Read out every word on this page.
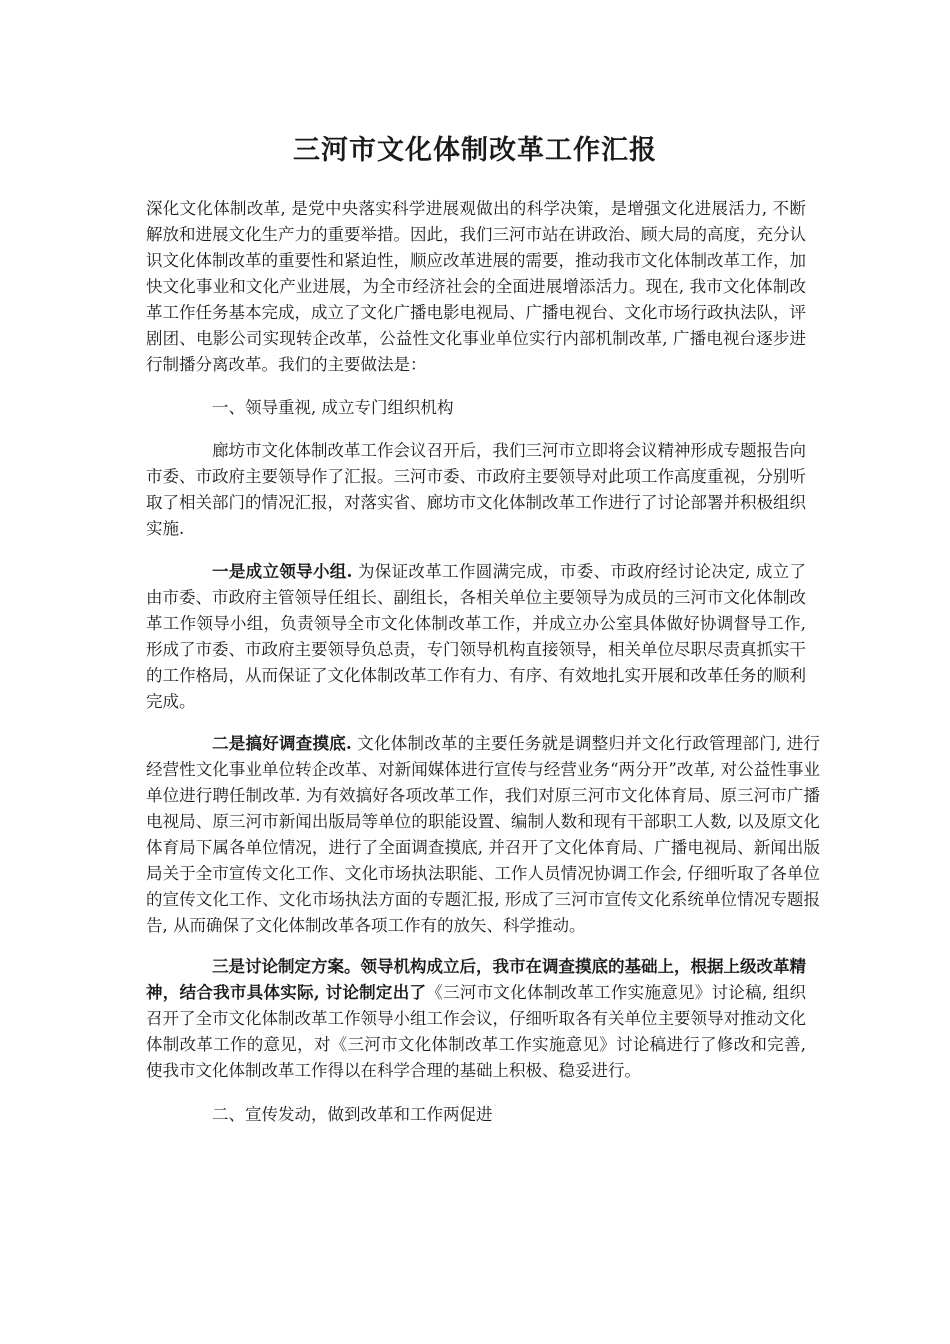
三河市文化体制改革工作汇报

深化文化体制改革, 是党中央落实科学进展观做出的科学决策，是增强文化进展活力, 不断解放和进展文化生产力的重要举措。因此，我们三河市站在讲政治、顾大局的高度，充分认识文化体制改革的重要性和紧迫性，顺应改革进展的需要，推动我市文化体制改革工作，加快文化事业和文化产业进展，为全市经济社会的全面进展增添活力。现在, 我市文化体制改革工作任务基本完成，成立了文化广播电影电视局、广播电视台、文化市场行政执法队，评剧团、电影公司实现转企改革，公益性文化事业单位实行内部机制改革, 广播电视台逐步进行制播分离改革。我们的主要做法是：

一、领导重视, 成立专门组织机构

廊坊市文化体制改革工作会议召开后，我们三河市立即将会议精神形成专题报告向市委、市政府主要领导作了汇报。三河市委、市政府主要领导对此项工作高度重视，分别听取了相关部门的情况汇报，对落实省、廊坊市文化体制改革工作进行了讨论部署并积极组织实施.

一是成立领导小组. 为保证改革工作圆满完成，市委、市政府经讨论决定, 成立了由市委、市政府主管领导任组长、副组长，各相关单位主要领导为成员的三河市文化体制改革工作领导小组，负责领导全市文化体制改革工作，并成立办公室具体做好协调督导工作, 形成了市委、市政府主要领导负总责，专门领导机构直接领导，相关单位尽职尽责真抓实干的工作格局，从而保证了文化体制改革工作有力、有序、有效地扎实开展和改革任务的顺利完成。

二是搞好调查摸底. 文化体制改革的主要任务就是调整归并文化行政管理部门, 进行经营性文化事业单位转企改革、对新闻媒体进行宣传与经营业务“两分开”改革, 对公益性事业单位进行聘任制改革. 为有效搞好各项改革工作，我们对原三河市文化体育局、原三河市广播电视局、原三河市新闻出版局等单位的职能设置、编制人数和现有干部职工人数, 以及原文化体育局下属各单位情况，进行了全面调查摸底, 并召开了文化体育局、广播电视局、新闻出版局关于全市宣传文化工作、文化市场执法职能、工作人员情况协调工作会, 仔细听取了各单位的宣传文化工作、文化市场执法方面的专题汇报, 形成了三河市宣传文化系统单位情况专题报告, 从而确保了文化体制改革各项工作有的放矢、科学推动。

三是讨论制定方案。领导机构成立后，我市在调查摸底的基础上，根据上级改革精神，结合我市具体实际, 讨论制定出了《三河市文化体制改革工作实施意见》讨论稿, 组织召开了全市文化体制改革工作领导小组工作会议，仔细听取各有关单位主要领导对推动文化体制改革工作的意见，对《三河市文化体制改革工作实施意见》讨论稿进行了修改和完善, 使我市文化体制改革工作得以在科学合理的基础上积极、稳妥进行。

二、宣传发动，做到改革和工作两促进
